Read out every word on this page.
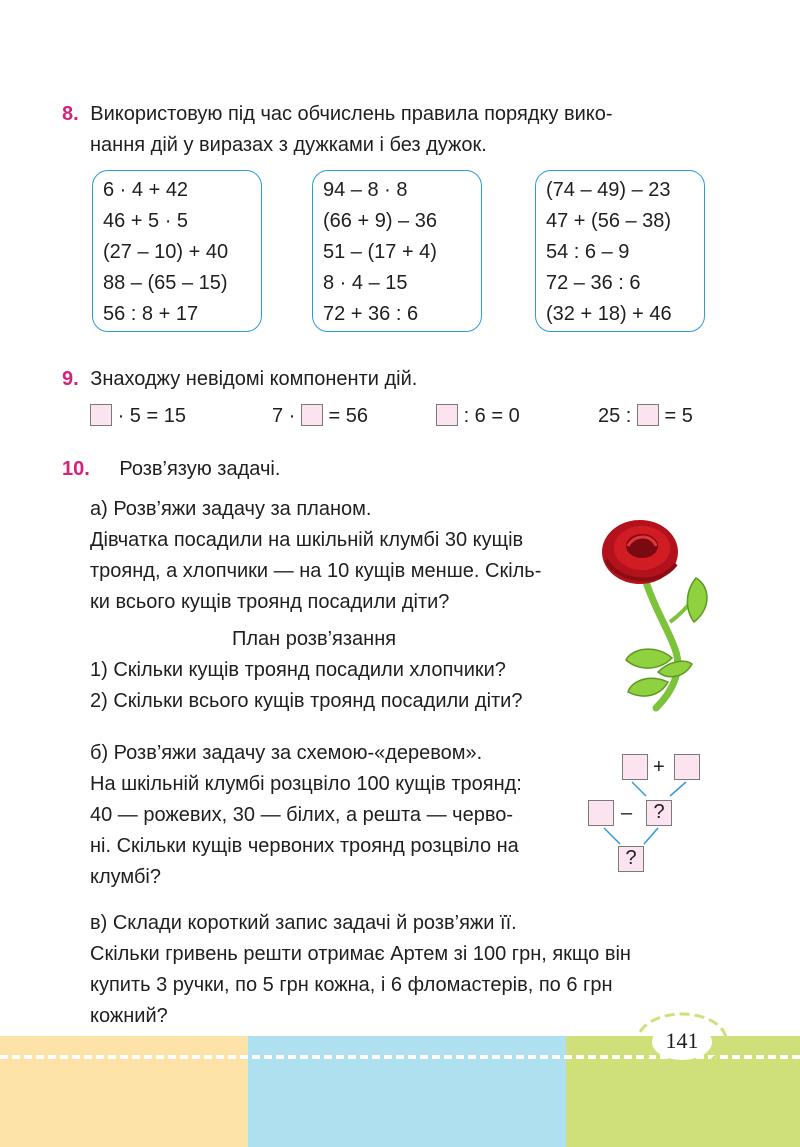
8. Використовую під час обчислень правила порядку вико-
нання дій у виразах з дужками і без дужок.
6 · 4 + 42
46 + 5 · 5
(27 – 10) + 40
88 – (65 – 15)
56 : 8 + 17
94 – 8 · 8
(66 + 9) – 36
51 – (17 + 4)
8 · 4 – 15
72 + 36 : 6
(74 – 49) – 23
47 + (56 – 38)
54 : 6 – 9
72 – 36 : 6
(32 + 18) + 46
9. Знаходжу невідомі компоненти дій.
· 5 = 15	7 · = 56	: 6 = 0	25 : = 5
10. Розв’язую задачі.
а) Розв’яжи задачу за планом.
Дівчатка посадили на шкільній клумбі 30 кущів
троянд, а хлопчики — на 10 кущів менше. Скіль-
ки всього кущів троянд посадили діти?
План розв’язання
1) Скільки кущів троянд посадили хлопчики?
2) Скільки всього кущів троянд посадили діти?
б) Розв’яжи задачу за схемою-«деревом».
На шкільній клумбі розцвіло 100 кущів троянд:
40 — рожевих, 30 — білих, а решта — черво-
ні. Скільки кущів червоних троянд розцвіло на
клумбі?
+
–	?
?
в) Склади короткий запис задачі й розв’яжи її.
Скільки гривень решти отримає Артем зі 100 грн, якщо він
купить 3 ручки, по 5 грн кожна, і 6 фломастерів, по 6 грн
кожний?
141
